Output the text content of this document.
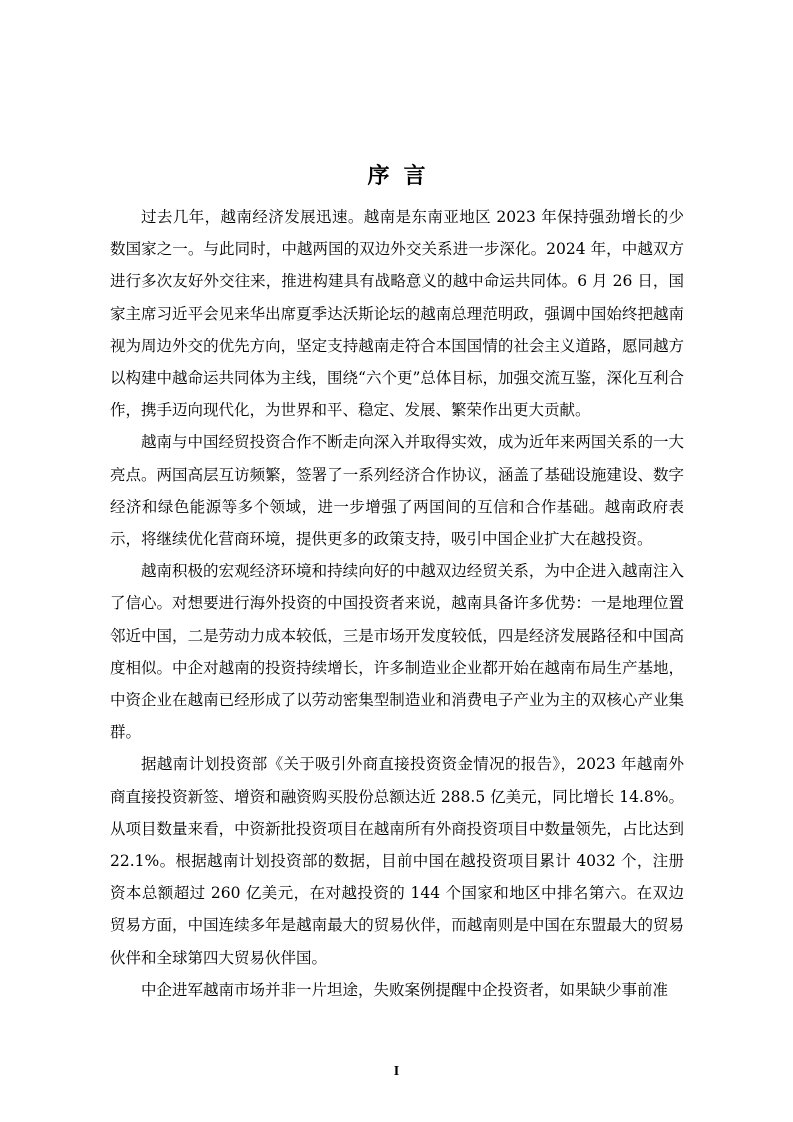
序言

过去几年，越南经济发展迅速。越南是东南亚地区 2023 年保持强劲增长的少数国家之一。与此同时，中越两国的双边外交关系进一步深化。2024 年，中越双方进行多次友好外交往来，推进构建具有战略意义的越中命运共同体。6 月 26 日，国家主席习近平会见来华出席夏季达沃斯论坛的越南总理范明政，强调中国始终把越南视为周边外交的优先方向，坚定支持越南走符合本国国情的社会主义道路，愿同越方以构建中越命运共同体为主线，围绕“六个更”总体目标，加强交流互鉴，深化互利合作，携手迈向现代化，为世界和平、稳定、发展、繁荣作出更大贡献。

越南与中国经贸投资合作不断走向深入并取得实效，成为近年来两国关系的一大亮点。两国高层互访频繁，签署了一系列经济合作协议，涵盖了基础设施建设、数字经济和绿色能源等多个领域，进一步增强了两国间的互信和合作基础。越南政府表示，将继续优化营商环境，提供更多的政策支持，吸引中国企业扩大在越投资。

越南积极的宏观经济环境和持续向好的中越双边经贸关系，为中企进入越南注入了信心。对想要进行海外投资的中国投资者来说，越南具备许多优势：一是地理位置邻近中国，二是劳动力成本较低，三是市场开发度较低，四是经济发展路径和中国高度相似。中企对越南的投资持续增长，许多制造业企业都开始在越南布局生产基地，中资企业在越南已经形成了以劳动密集型制造业和消费电子产业为主的双核心产业集群。

据越南计划投资部《关于吸引外商直接投资资金情况的报告》，2023 年越南外商直接投资新签、增资和融资购买股份总额达近 288.5 亿美元，同比增长 14.8%。从项目数量来看，中资新批投资项目在越南所有外商投资项目中数量领先，占比达到 22.1%。根据越南计划投资部的数据，目前中国在越投资项目累计 4032 个，注册资本总额超过 260 亿美元，在对越投资的 144 个国家和地区中排名第六。在双边贸易方面，中国连续多年是越南最大的贸易伙伴，而越南则是中国在东盟最大的贸易伙伴和全球第四大贸易伙伴国。

中企进军越南市场并非一片坦途，失败案例提醒中企投资者，如果缺少事前准

I
